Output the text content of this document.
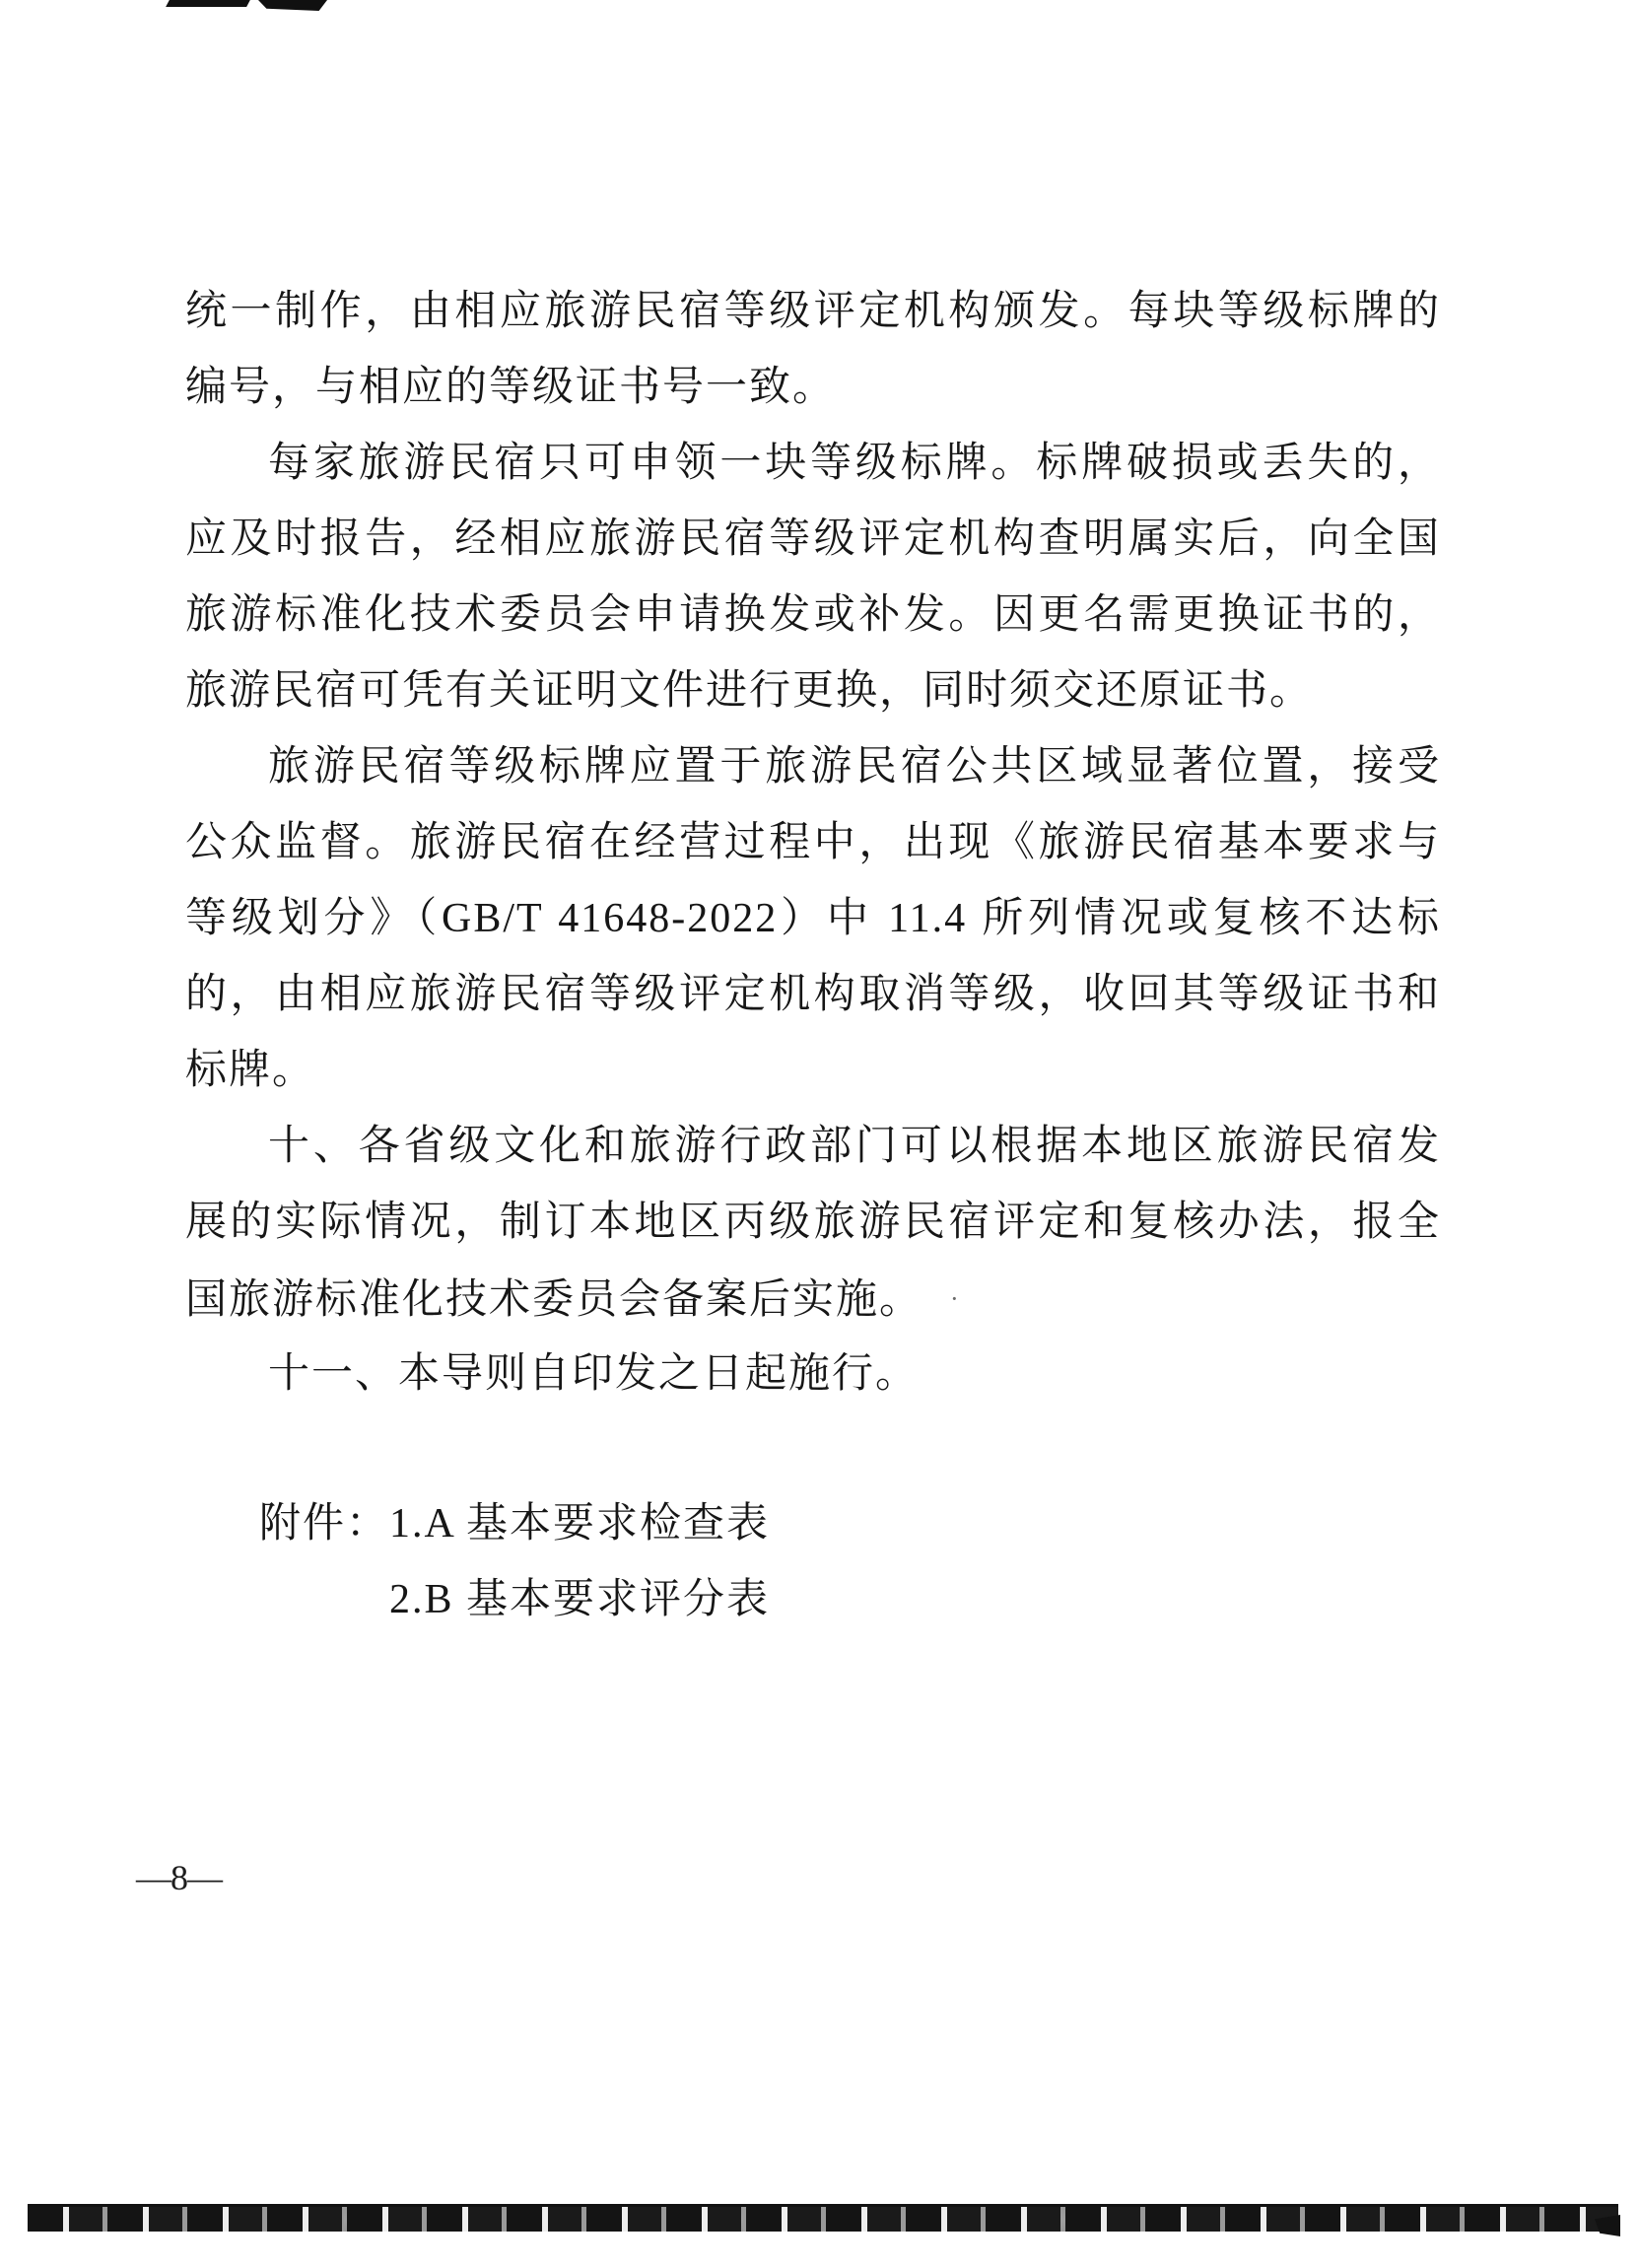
统一制作，由相应旅游民宿等级评定机构颁发。每块等级标牌的
编号，与相应的等级证书号一致。
每家旅游民宿只可申领一块等级标牌。标牌破损或丢失的，
应及时报告，经相应旅游民宿等级评定机构查明属实后，向全国
旅游标准化技术委员会申请换发或补发。因更名需更换证书的，
旅游民宿可凭有关证明文件进行更换，同时须交还原证书。
旅游民宿等级标牌应置于旅游民宿公共区域显著位置，接受
公众监督。旅游民宿在经营过程中，出现《旅游民宿基本要求与
等级划分》（GB/T 41648-2022）中 11.4 所列情况或复核不达标
的，由相应旅游民宿等级评定机构取消等级，收回其等级证书和
标牌。
十、各省级文化和旅游行政部门可以根据本地区旅游民宿发
展的实际情况，制订本地区丙级旅游民宿评定和复核办法，报全
国旅游标准化技术委员会备案后实施。 ·
十一、本导则自印发之日起施行。
附件：1.A 基本要求检查表
2.B 基本要求评分表
—8—
